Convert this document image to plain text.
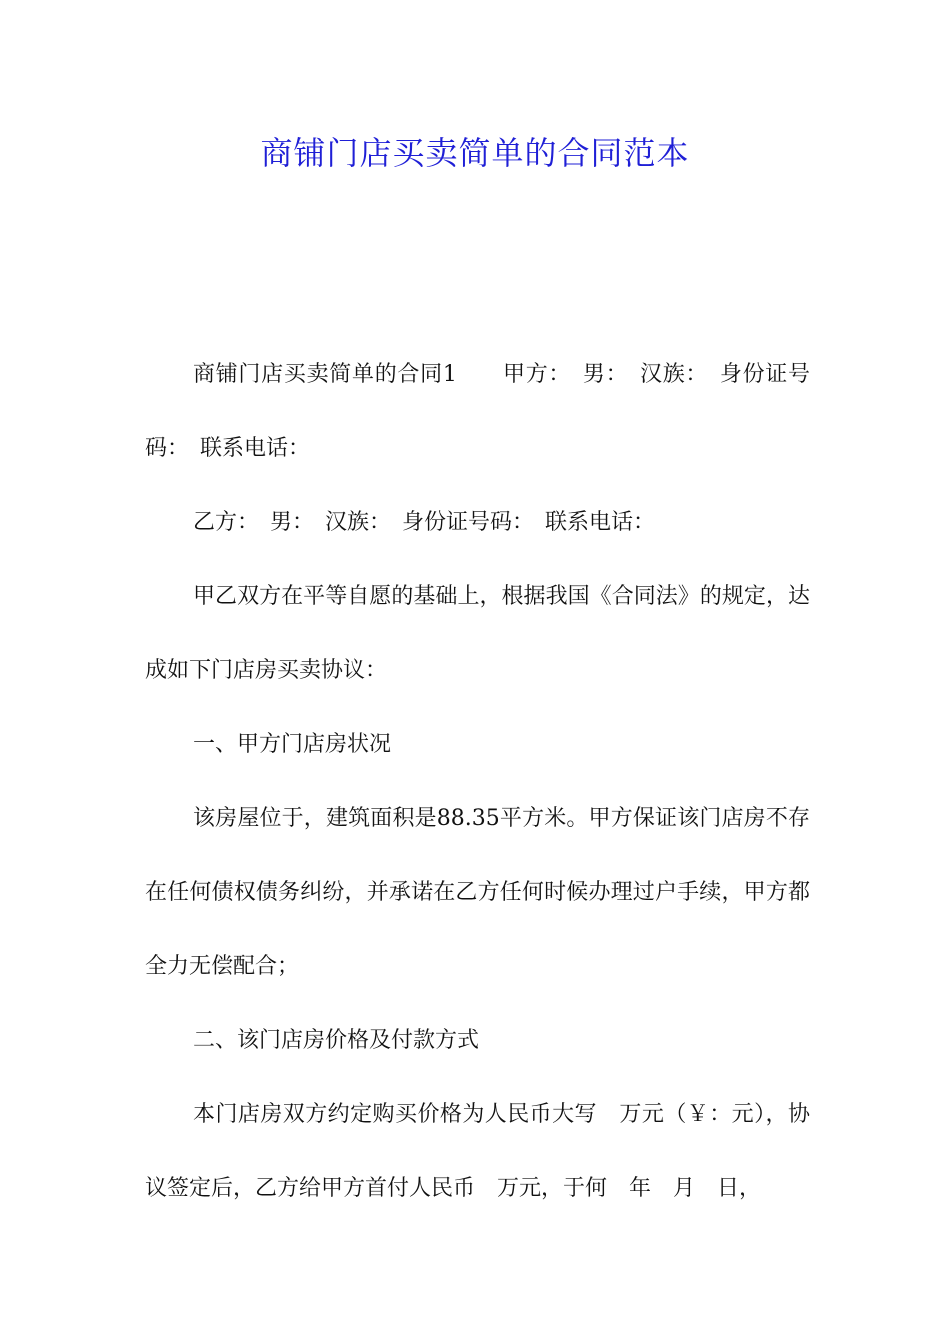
商铺门店买卖简单的合同范本

商铺门店买卖简单的合同1　　甲方：　男：　汉族：　身份证号码：　联系电话：

乙方：　男：　汉族：　身份证号码：　联系电话：

甲乙双方在平等自愿的基础上，根据我国《合同法》的规定，达成如下门店房买卖协议：

一、甲方门店房状况

该房屋位于，建筑面积是88.35平方米。甲方保证该门店房不存在任何债权债务纠纷，并承诺在乙方任何时候办理过户手续，甲方都全力无偿配合；

二、该门店房价格及付款方式

本门店房双方约定购买价格为人民币大写　万元（￥：元），协议签定后，乙方给甲方首付人民币　万元，于何　年　月　日，
